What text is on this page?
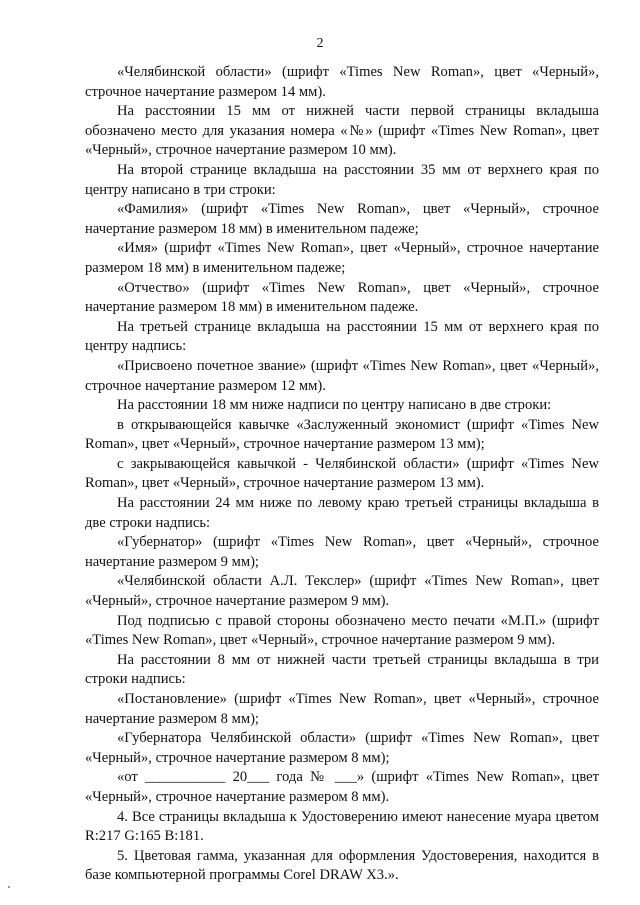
2

«Челябинской области» (шрифт «Times New Roman», цвет «Черный», строчное начертание размером 14 мм).

На расстоянии 15 мм от нижней части первой страницы вкладыша обозначено место для указания номера «№» (шрифт «Times New Roman», цвет «Черный», строчное начертание размером 10 мм).

На второй странице вкладыша на расстоянии 35 мм от верхнего края по центру написано в три строки:

«Фамилия» (шрифт «Times New Roman», цвет «Черный», строчное начертание размером 18 мм) в именительном падеже;

«Имя» (шрифт «Times New Roman», цвет «Черный», строчное начертание размером 18 мм) в именительном падеже;

«Отчество» (шрифт «Times New Roman», цвет «Черный», строчное начертание размером 18 мм) в именительном падеже.

На третьей странице вкладыша на расстоянии 15 мм от верхнего края по центру надпись:

«Присвоено почетное звание» (шрифт «Times New Roman», цвет «Черный», строчное начертание размером 12 мм).

На расстоянии 18 мм ниже надписи по центру написано в две строки:

в открывающейся кавычке «Заслуженный экономист (шрифт «Times New Roman», цвет «Черный», строчное начертание размером 13 мм);

с закрывающейся кавычкой - Челябинской области» (шрифт «Times New Roman», цвет «Черный», строчное начертание размером 13 мм).

На расстоянии 24 мм ниже по левому краю третьей страницы вкладыша в две строки надпись:

«Губернатор» (шрифт «Times New Roman», цвет «Черный», строчное начертание размером 9 мм);

«Челябинской области А.Л. Текслер» (шрифт «Times New Roman», цвет «Черный», строчное начертание размером 9 мм).

Под подписью с правой стороны обозначено место печати «М.П.» (шрифт «Times New Roman», цвет «Черный», строчное начертание размером 9 мм).

На расстоянии 8 мм от нижней части третьей страницы вкладыша в три строки надпись:

«Постановление» (шрифт «Times New Roman», цвет «Черный», строчное начертание размером 8 мм);

«Губернатора Челябинской области» (шрифт «Times New Roman», цвет «Черный», строчное начертание размером 8 мм);

«от ___________ 20___ года № ___» (шрифт «Times New Roman», цвет «Черный», строчное начертание размером 8 мм).

4. Все страницы вкладыша к Удостоверению имеют нанесение муара цветом R:217 G:165 B:181.

5. Цветовая гамма, указанная для оформления Удостоверения, находится в базе компьютерной программы Corel DRAW X3.».
